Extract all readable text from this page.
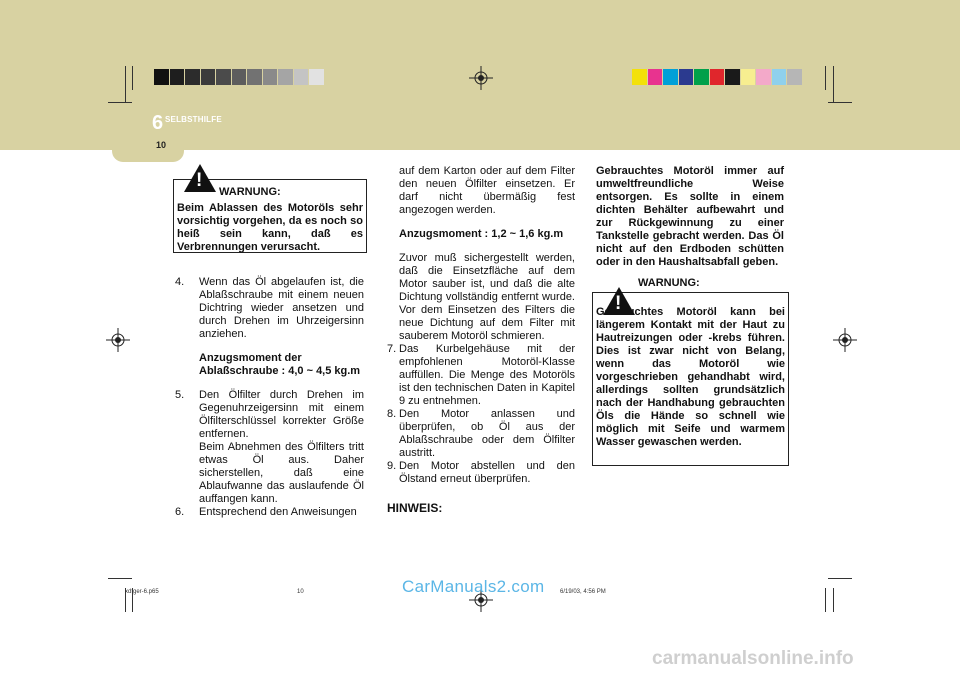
6 SELBSTHILFE
10

Beim Ablassen des Motoröls sehr vorsichtig vorgehen, da es noch so heiß sein kann, daß es Verbrennungen verursacht.

!
WARNUNG:
4. Wenn das Öl abgelaufen ist, die Ablaßschraube mit einem neuen Dichtring wieder ansetzen und durch Drehen im Uhrzeigersinn anziehen.

Anzugsmoment der

Ablaßschraube : 4,0 ~ 4,5 kg.m

5. Den Ölfilter durch Drehen im Gegenuhrzeigersinn mit einem Ölfilterschlüssel korrekter Größe entfernen.

Beim Abnehmen des Ölfilters tritt etwas Öl aus. Daher sicherstellen, daß eine Ablaufwanne das auslaufende Öl auffangen kann.

6. Entsprechend den Anweisungen

auf dem Karton oder auf dem Filter den neuen Ölfilter einsetzen. Er darf nicht übermäßig fest angezogen werden.

Anzugsmoment : 1,2 ~ 1,6 kg.m

Zuvor muß sichergestellt werden, daß die Einsetzfläche auf dem Motor sauber ist, und daß die alte Dichtung vollständig entfernt wurde. Vor dem Einsetzen des Filters die neue Dichtung auf dem Filter mit sauberem Motoröl schmieren.

7. Das Kurbelgehäuse mit der empfohlenen Motoröl-Klasse auffüllen. Die Menge des Motoröls ist den technischen Daten in Kapitel 9 zu entnehmen.

8. Den Motor anlassen und überprüfen, ob Öl aus der Ablaßschraube oder dem Ölfilter austritt.

9. Den Motor abstellen und den Ölstand erneut überprüfen.

HINWEIS:

Gebrauchtes Motoröl immer auf umweltfreundliche Weise entsorgen. Es sollte in einem dichten Behälter aufbewahrt und zur Rückgewinnung zu einer Tankstelle gebracht werden. Das Öl nicht auf den Erdboden schütten oder in den Haushaltsabfall geben.

WARNUNG:

Gebrauchtes Motoröl kann bei längerem Kontakt mit der Haut zu Hautreizungen oder -krebs führen. Dies ist zwar nicht von Belang, wenn das Motoröl wie vorgeschrieben gehandhabt wird, allerdings sollten grundsätzlich nach der Handhabung gebrauchten Öls die Hände so schnell wie möglich mit Seife und warmem Wasser gewaschen werden.

!
xdfger-6.p65	10	6/19/03, 4:56 PM
CarManuals2.com
carmanualsonline.info
